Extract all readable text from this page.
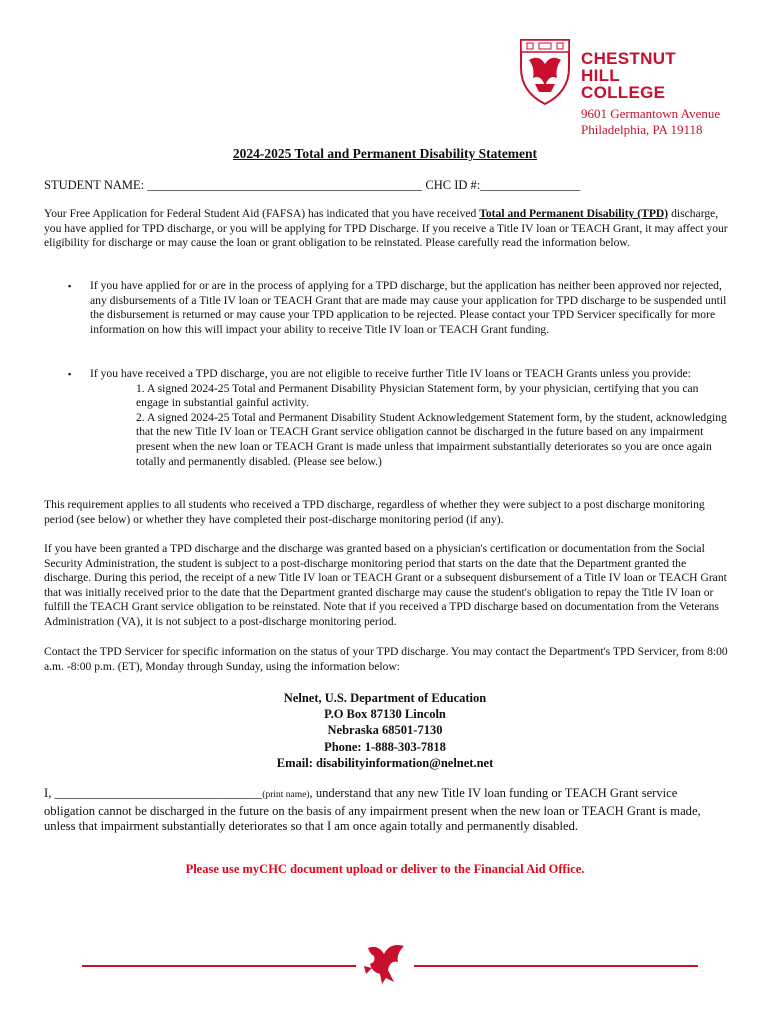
CHESTNUT
HILL
COLLEGE
9601 Germantown Avenue
Philadelphia, PA 19118
2024-2025 Total and Permanent Disability Statement
STUDENT NAME: ____________________________________________ CHC ID #:________________
Your Free Application for Federal Student Aid (FAFSA) has indicated that you have received Total and Permanent Disability (TPD) discharge, you have applied for TPD discharge, or you will be applying for TPD Discharge. If you receive a Title IV loan or TEACH Grant, it may affect your eligibility for discharge or may cause the loan or grant obligation to be reinstated. Please carefully read the information below.
▪ If you have applied for or are in the process of applying for a TPD discharge, but the application has neither been approved nor rejected, any disbursements of a Title IV loan or TEACH Grant that are made may cause your application for TPD discharge to be suspended until the disbursement is returned or may cause your TPD application to be rejected. Please contact your TPD Servicer specifically for more information on how this will impact your ability to receive Title IV loan or TEACH Grant funding.
▪ If you have received a TPD discharge, you are not eligible to receive further Title IV loans or TEACH Grants unless you provide:
1. A signed 2024-25 Total and Permanent Disability Physician Statement form, by your physician, certifying that you can engage in substantial gainful activity.
2. A signed 2024-25 Total and Permanent Disability Student Acknowledgement Statement form, by the student, acknowledging that the new Title IV loan or TEACH Grant service obligation cannot be discharged in the future based on any impairment present when the new loan or TEACH Grant is made unless that impairment substantially deteriorates so you are once again totally and permanently disabled. (Please see below.)
This requirement applies to all students who received a TPD discharge, regardless of whether they were subject to a post discharge monitoring period (see below) or whether they have completed their post-discharge monitoring period (if any).
If you have been granted a TPD discharge and the discharge was granted based on a physician's certification or documentation from the Social Security Administration, the student is subject to a post-discharge monitoring period that starts on the date that the Department granted the discharge. During this period, the receipt of a new Title IV loan or TEACH Grant or a subsequent disbursement of a Title IV loan or TEACH Grant that was initially received prior to the date that the Department granted discharge may cause the student's obligation to repay the Title IV loan or fulfill the TEACH Grant service obligation to be reinstated. Note that if you received a TPD discharge based on documentation from the Veterans Administration (VA), it is not subject to a post-discharge monitoring period.
Contact the TPD Servicer for specific information on the status of your TPD discharge. You may contact the Department's TPD Servicer, from 8:00 a.m. -8:00 p.m. (ET), Monday through Sunday, using the information below:
Nelnet, U.S. Department of Education
P.O Box 87130 Lincoln
Nebraska 68501-7130
Phone: 1-888-303-7818
Email: disabilityinformation@nelnet.net
I, _________________________________(print name), understand that any new Title IV loan funding or TEACH Grant service obligation cannot be discharged in the future on the basis of any impairment present when the new loan or TEACH Grant is made, unless that impairment substantially deteriorates so that I am once again totally and permanently disabled.
Please use myCHC document upload or deliver to the Financial Aid Office.
